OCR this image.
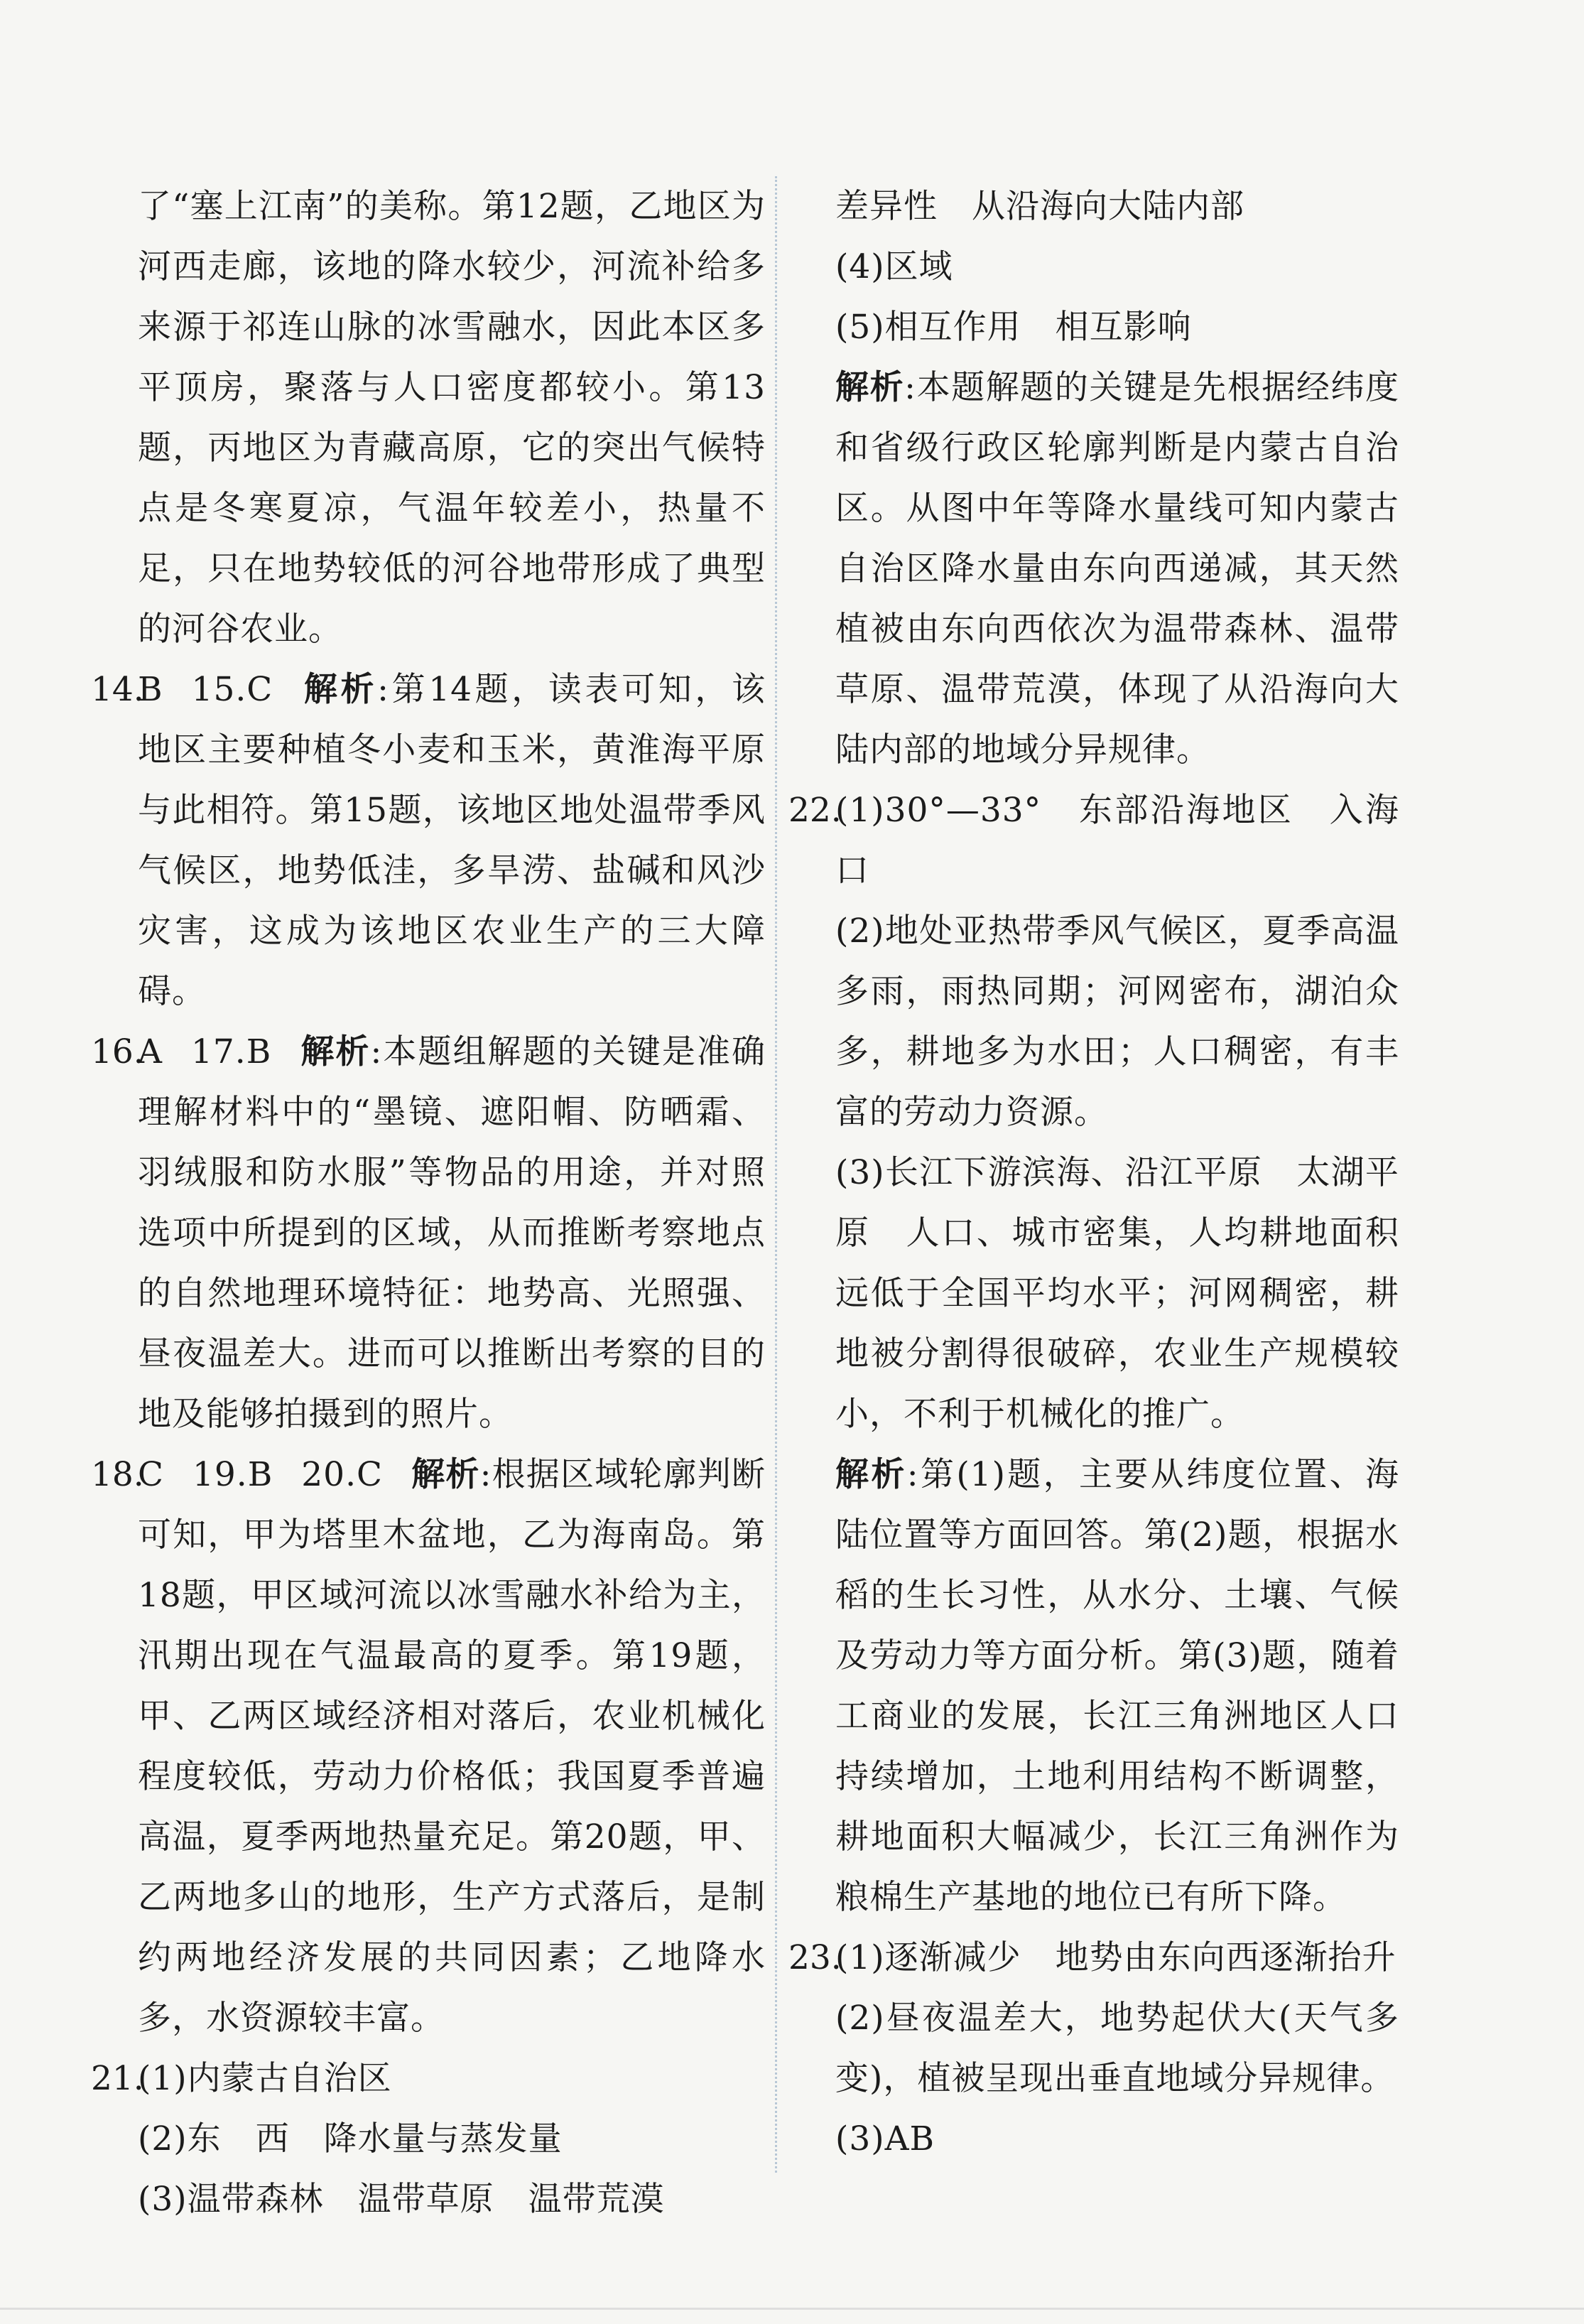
了“塞上江南”的美称。第12题，乙地区为河西走廊，该地的降水较少，河流补给多来源于祁连山脉的冰雪融水，因此本区多平顶房，聚落与人口密度都较小。第13题，丙地区为青藏高原，它的突出气候特点是冬寒夏凉，气温年较差小，热量不足，只在地势较低的河谷地带形成了典型的河谷农业。

14.

B 15.C 解析:第14题，读表可知，该地区主要种植冬小麦和玉米，黄淮海平原与此相符。第15题，该地区地处温带季风气候区，地势低洼，多旱涝、盐碱和风沙灾害，这成为该地区农业生产的三大障碍。

16.

A 17.B 解析:本题组解题的关键是准确理解材料中的“墨镜、遮阳帽、防晒霜、羽绒服和防水服”等物品的用途，并对照选项中所提到的区域，从而推断考察地点的自然地理环境特征：地势高、光照强、昼夜温差大。进而可以推断出考察的目的地及能够拍摄到的照片。

18.

C 19.B 20.C 解析:根据区域轮廓判断可知，甲为塔里木盆地，乙为海南岛。第18题，甲区域河流以冰雪融水补给为主，汛期出现在气温最高的夏季。第19题，甲、乙两区域经济相对落后，农业机械化程度较低，劳动力价格低；我国夏季普遍高温，夏季两地热量充足。第20题，甲、乙两地多山的地形，生产方式落后，是制约两地经济发展的共同因素；乙地降水多，水资源较丰富。

21.

(1)内蒙古自治区

(2)东　西　降水量与蒸发量

(3)温带森林　温带草原　温带荒漠

差异性　从沿海向大陆内部

(4)区域

(5)相互作用　相互影响

解析:本题解题的关键是先根据经纬度和省级行政区轮廓判断是内蒙古自治区。从图中年等降水量线可知内蒙古自治区降水量由东向西递减，其天然植被由东向西依次为温带森林、温带草原、温带荒漠，体现了从沿海向大陆内部的地域分异规律。

22.

(1)30°—33°　东部沿海地区　入海口

(2)地处亚热带季风气候区，夏季高温多雨，雨热同期；河网密布，湖泊众多，耕地多为水田；人口稠密，有丰富的劳动力资源。

(3)长江下游滨海、沿江平原　太湖平原　人口、城市密集，人均耕地面积远低于全国平均水平；河网稠密，耕地被分割得很破碎，农业生产规模较小，不利于机械化的推广。

解析:第(1)题，主要从纬度位置、海陆位置等方面回答。第(2)题，根据水稻的生长习性，从水分、土壤、气候及劳动力等方面分析。第(3)题，随着工商业的发展，长江三角洲地区人口持续增加，土地利用结构不断调整，耕地面积大幅减少，长江三角洲作为粮棉生产基地的地位已有所下降。

23.

(1)逐渐减少　地势由东向西逐渐抬升

(2)昼夜温差大，地势起伏大(天气多变)，植被呈现出垂直地域分异规律。

(3)AB
